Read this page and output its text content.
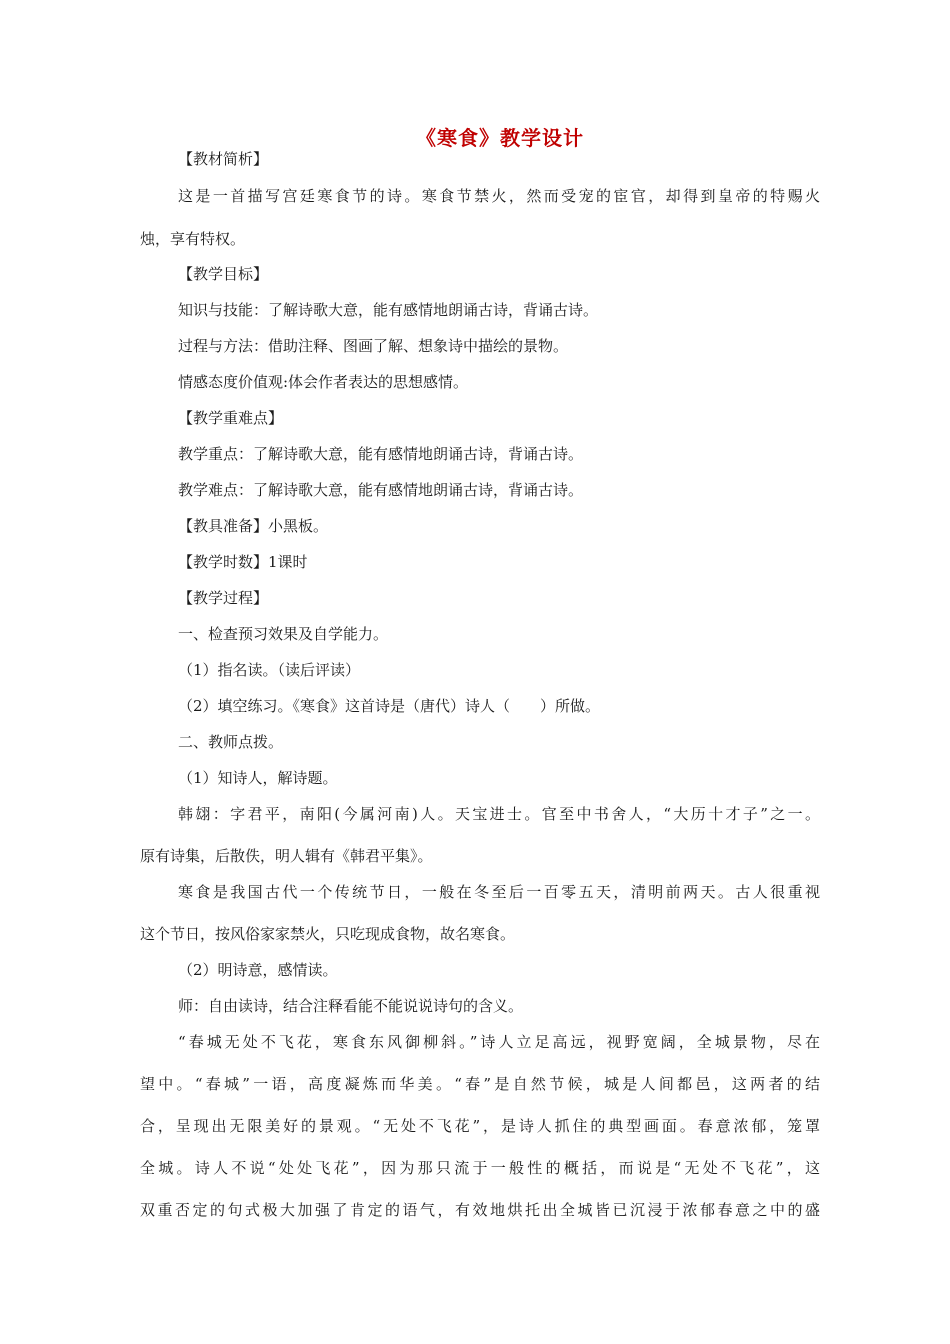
《寒食》教学设计
【教材简析】
这是一首描写宫廷寒食节的诗。寒食节禁火，然而受宠的宦官，却得到皇帝的特赐火
烛，享有特权。
【教学目标】
知识与技能：了解诗歌大意，能有感情地朗诵古诗，背诵古诗。
过程与方法：借助注释、图画了解、想象诗中描绘的景物。
情感态度价值观:体会作者表达的思想感情。
【教学重难点】
教学重点：了解诗歌大意，能有感情地朗诵古诗，背诵古诗。
教学难点：了解诗歌大意，能有感情地朗诵古诗，背诵古诗。
【教具准备】小黑板。
【教学时数】1课时
【教学过程】
一、检查预习效果及自学能力。
（1）指名读。（读后评读）
（2）填空练习。《寒食》这首诗是（唐代）诗人（　　）所做。
二、教师点拨。
（1）知诗人，解诗题。
韩翃：字君平，南阳(今属河南)人。天宝进士。官至中书舍人，“大历十才子”之一。
原有诗集，后散佚，明人辑有《韩君平集》。
寒食是我国古代一个传统节日，一般在冬至后一百零五天，清明前两天。古人很重视
这个节日，按风俗家家禁火，只吃现成食物，故名寒食。
（2）明诗意，感情读。
师：自由读诗，结合注释看能不能说说诗句的含义。
“春城无处不飞花，寒食东风御柳斜。”诗人立足高远，视野宽阔，全城景物，尽在
望中。“春城”一语，高度凝炼而华美。“春”是自然节候，城是人间都邑，这两者的结
合，呈现出无限美好的景观。“无处不飞花”，是诗人抓住的典型画面。春意浓郁，笼罩
全城。诗人不说“处处飞花”，因为那只流于一般性的概括，而说是“无处不飞花”，这
双重否定的句式极大加强了肯定的语气，有效地烘托出全城皆已沉浸于浓郁春意之中的盛
